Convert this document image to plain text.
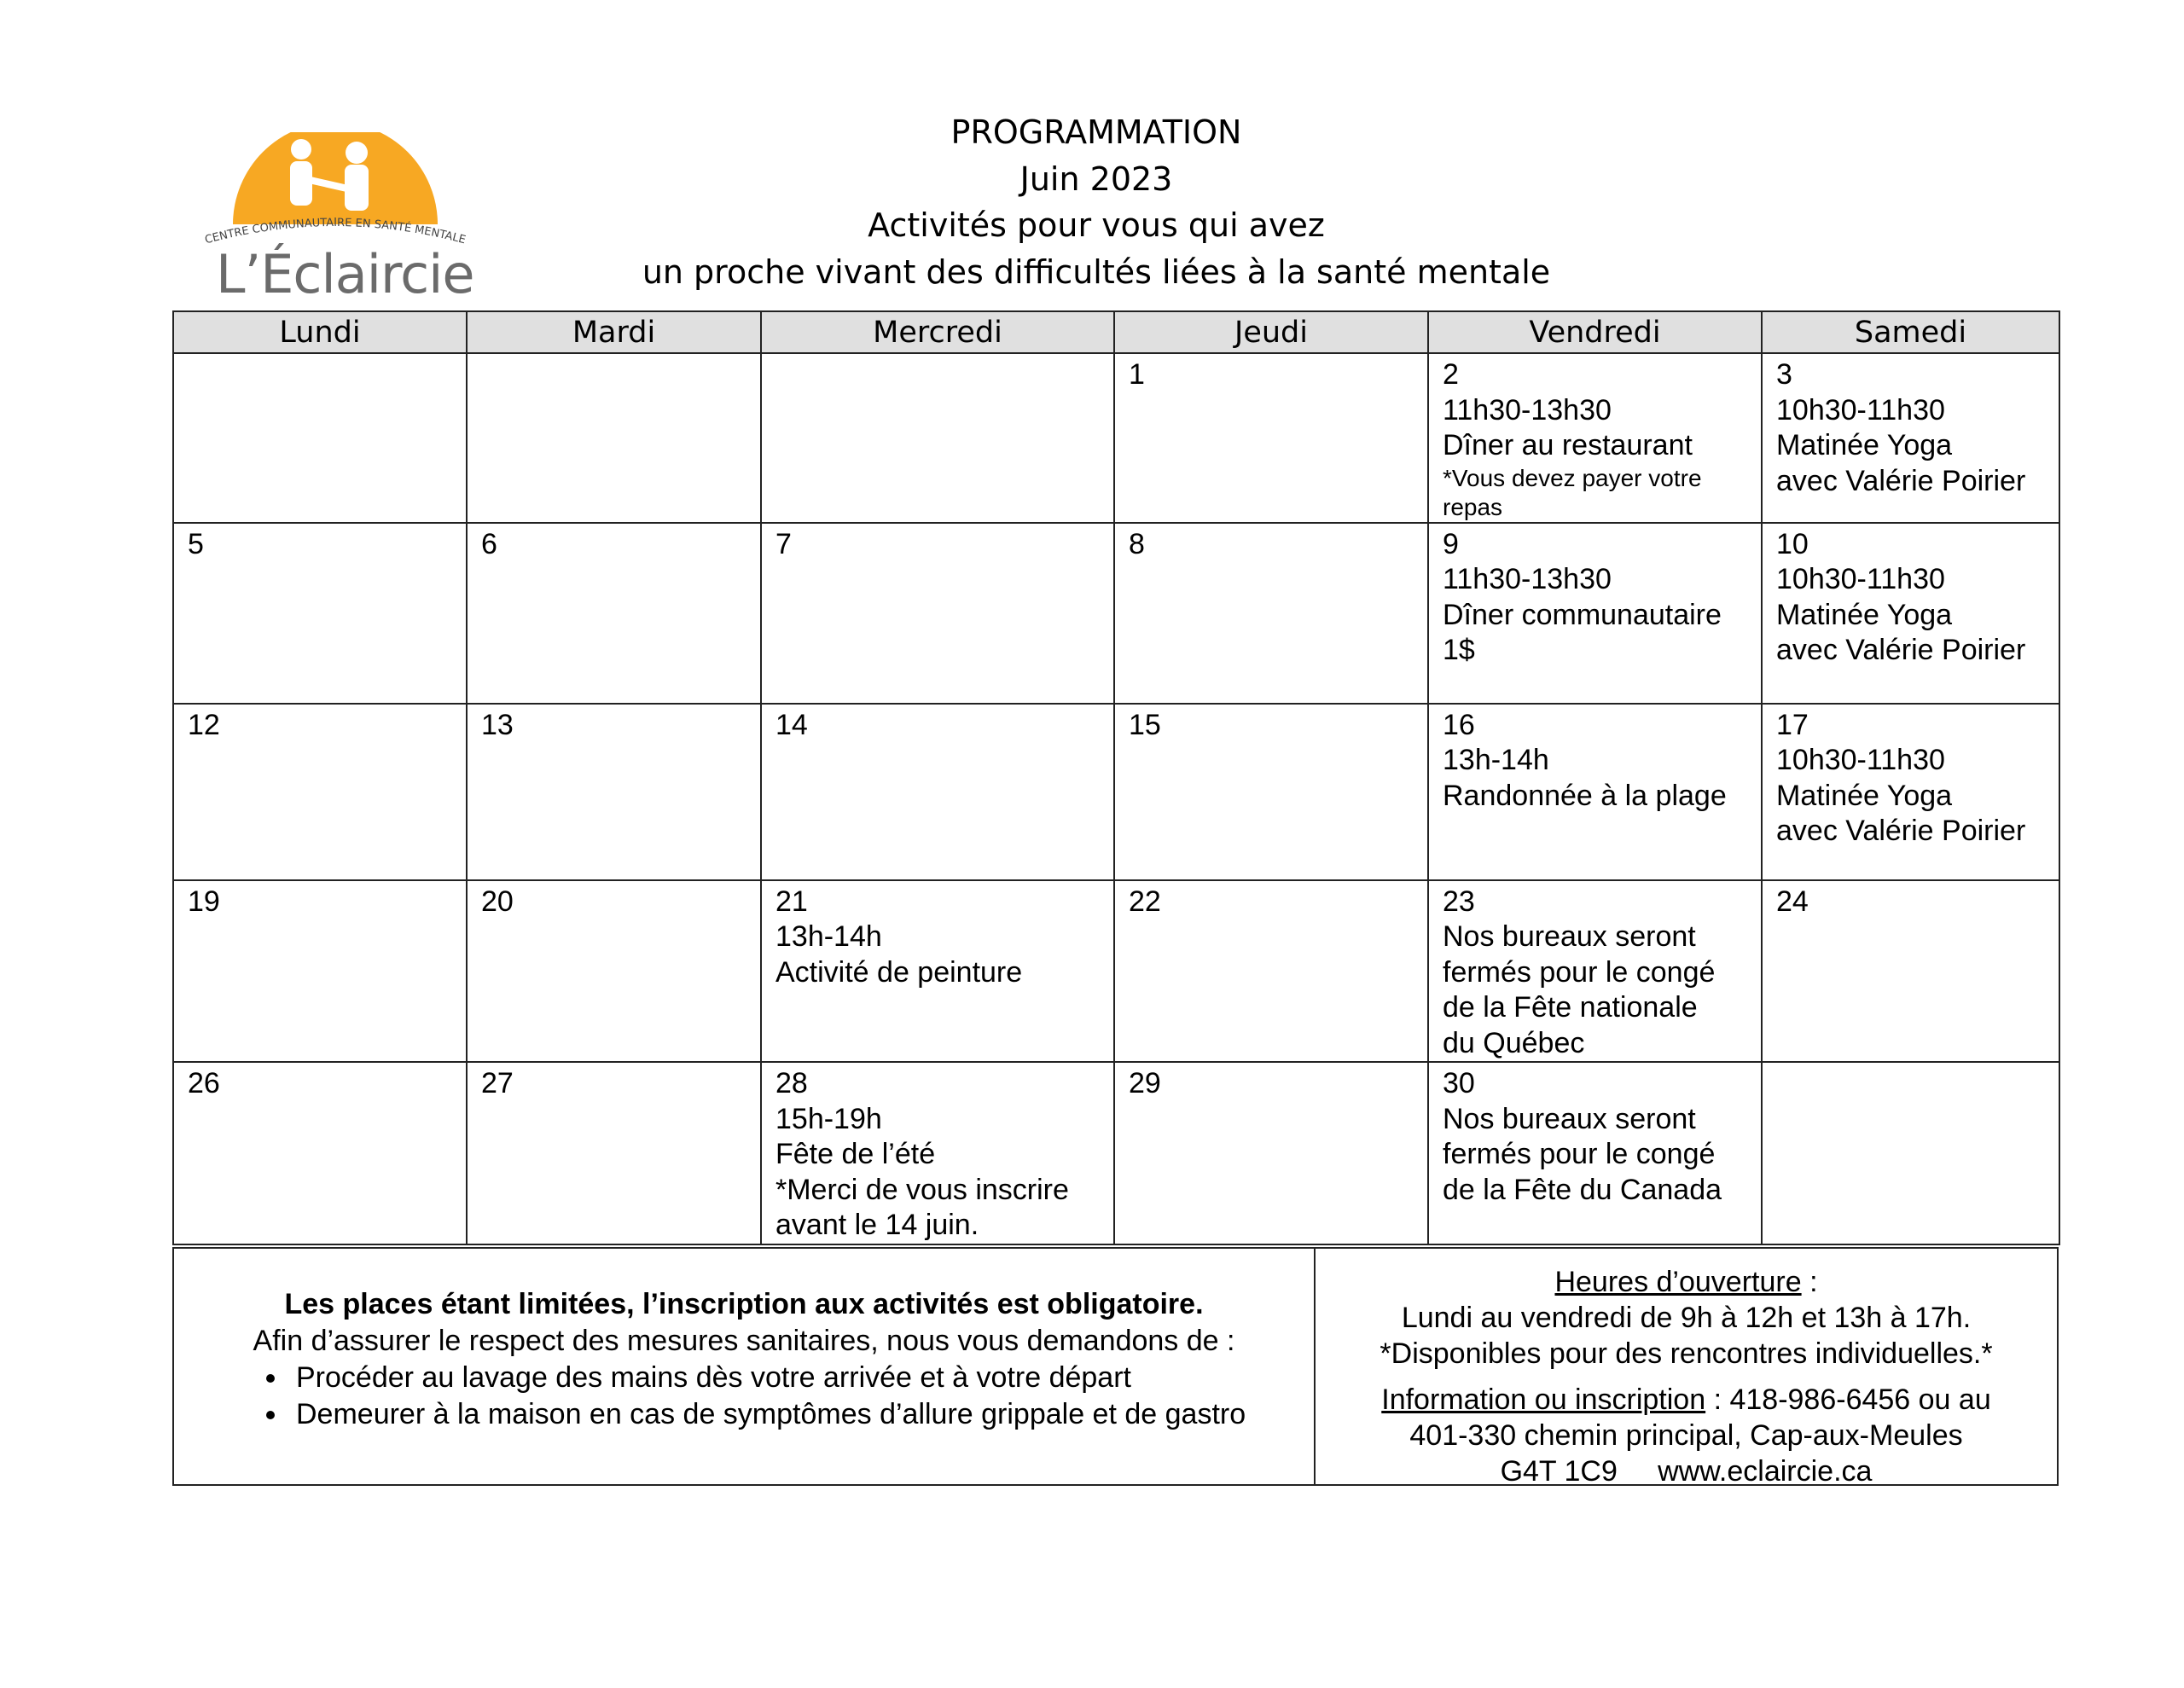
CENTRE COMMUNAUTAIRE EN SANTÉ MENTALE
L’Éclaircie
PROGRAMMATION
Juin 2023
Activités pour vous qui avez
un proche vivant des difficultés liées à la santé mentale
Lundi	Mardi	Mercredi	Jeudi	Vendredi	Samedi

			1	2
11h30-13h30
Dîner au restaurant
*Vous devez payer votre repas	3
10h30-11h30
Matinée Yoga
avec Valérie Poirier

5	6	7	8	9
11h30-13h30
Dîner communautaire
1$	10
10h30-11h30
Matinée Yoga
avec Valérie Poirier

12	13	14	15	16
13h-14h
Randonnée à la plage	17
10h30-11h30
Matinée Yoga
avec Valérie Poirier

19	20	21
13h-14h
Activité de peinture	22	23
Nos bureaux seront
fermés pour le congé
de la Fête nationale
du Québec	24

26	27	28
15h-19h
Fête de l’été
*Merci de vous inscrire
avant le 14 juin.	29	30
Nos bureaux seront
fermés pour le congé
de la Fête du Canada	

Les places étant limitées, l’inscription aux activités est obligatoire.
Afin d’assurer le respect des mesures sanitaires, nous vous demandons de :
• Procéder au lavage des mains dès votre arrivée et à votre départ
• Demeurer à la maison en cas de symptômes d’allure grippale et de gastro
Heures d’ouverture :
Lundi au vendredi de 9h à 12h et 13h à 17h.
*Disponibles pour des rencontres individuelles.*
Information ou inscription : 418-986-6456 ou au
401-330 chemin principal, Cap-aux-Meules
G4T 1C9 www.eclaircie.ca
